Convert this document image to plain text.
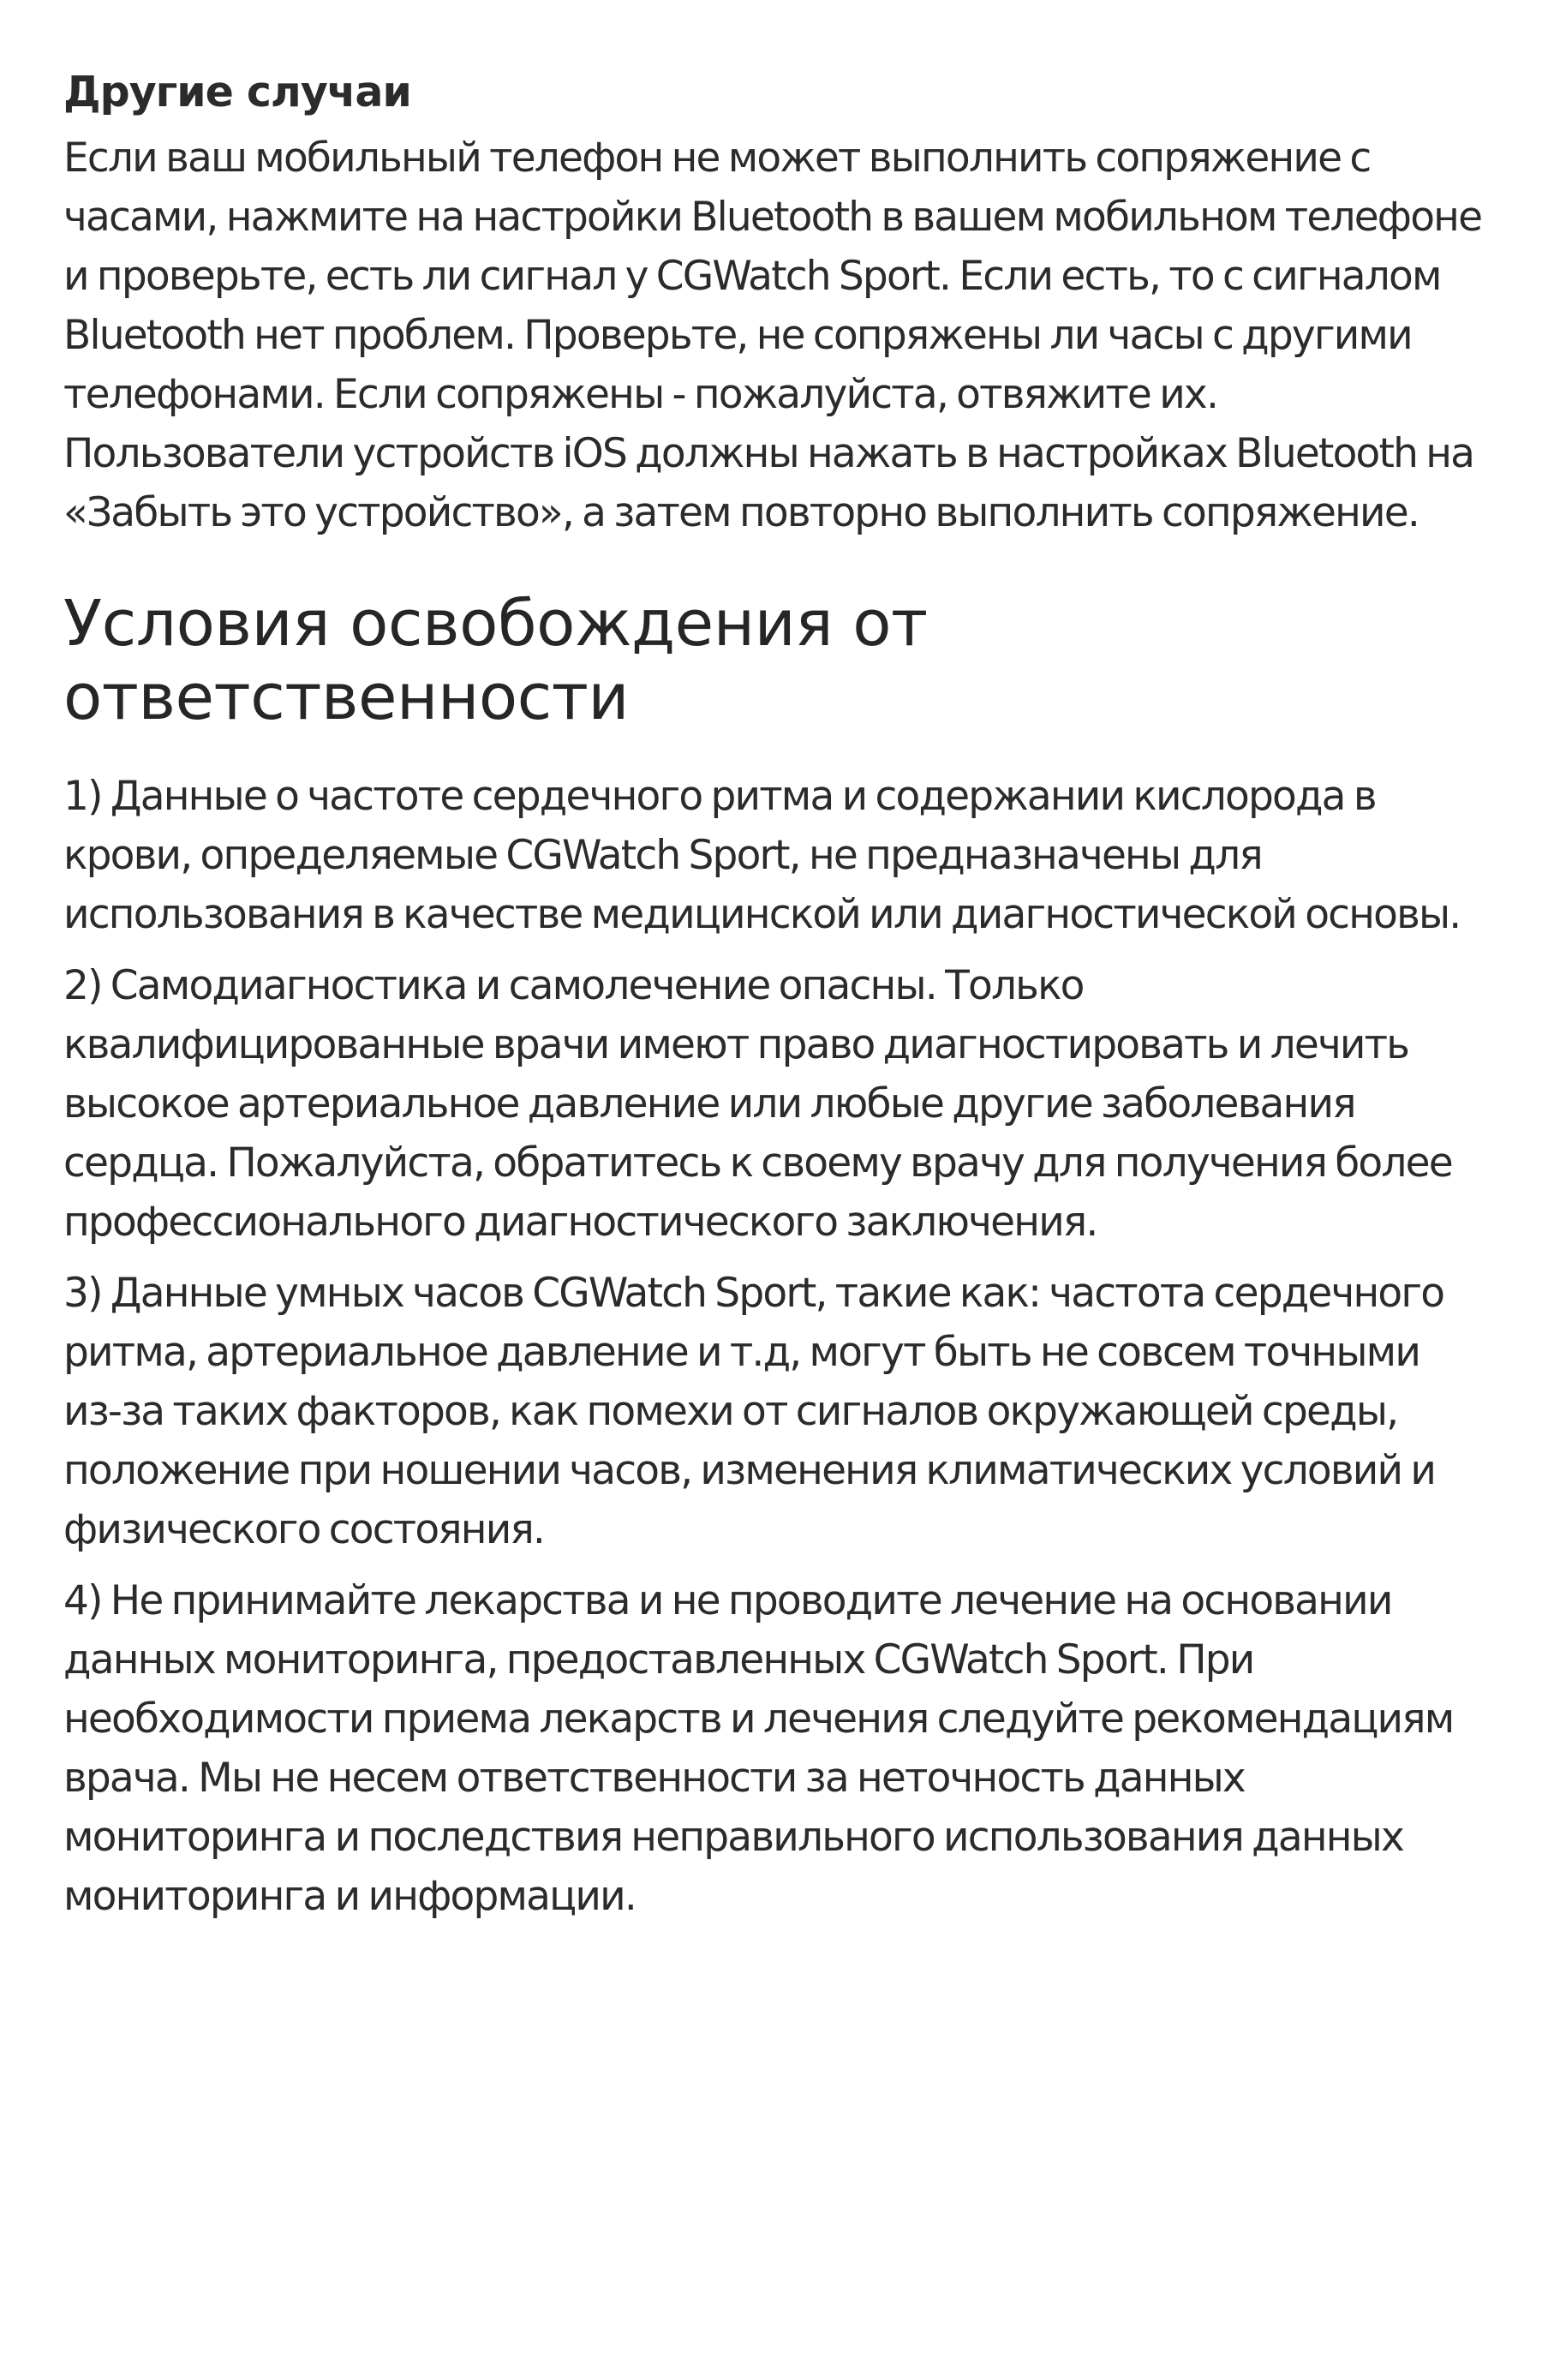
Другие случаи

Если ваш мобильный телефон не может выполнить сопряжение с часами, нажмите на настройки Bluetooth в вашем мобильном телефоне и проверьте, есть ли сигнал у CGWatch Sport. Если есть, то с сигналом Bluetooth нет проблем. Проверьте, не сопряжены ли часы с другими телефонами. Если сопряжены - пожалуйста, отвяжите их. Пользователи устройств iOS должны нажать в настройках Bluetooth на «Забыть это устройство», а затем повторно выполнить сопряжение.

Условия освобождения от ответственности

1) Данные о частоте сердечного ритма и содержании кислорода в крови, определяемые CGWatch Sport, не предназначены для использования в качестве медицинской или диагностической основы.

2) Самодиагностика и самолечение опасны. Только квалифицированные врачи имеют право диагностировать и лечить высокое артериальное давление или любые другие заболевания сердца. Пожалуйста, обратитесь к своему врачу для получения более профессионального диагностического заключения.

3) Данные умных часов CGWatch Sport, такие как: частота сердечного ритма, артериальное давление и т.д, могут быть не совсем точными из-за таких факторов, как помехи от сигналов окружающей среды, положение при ношении часов, изменения климатических условий и физического состояния.

4) Не принимайте лекарства и не проводите лечение на основании данных мониторинга, предоставленных CGWatch Sport. При необходимости приема лекарств и лечения следуйте рекомендациям врача. Мы не несем ответственности за неточность данных мониторинга и последствия неправильного использования данных мониторинга и информации.
